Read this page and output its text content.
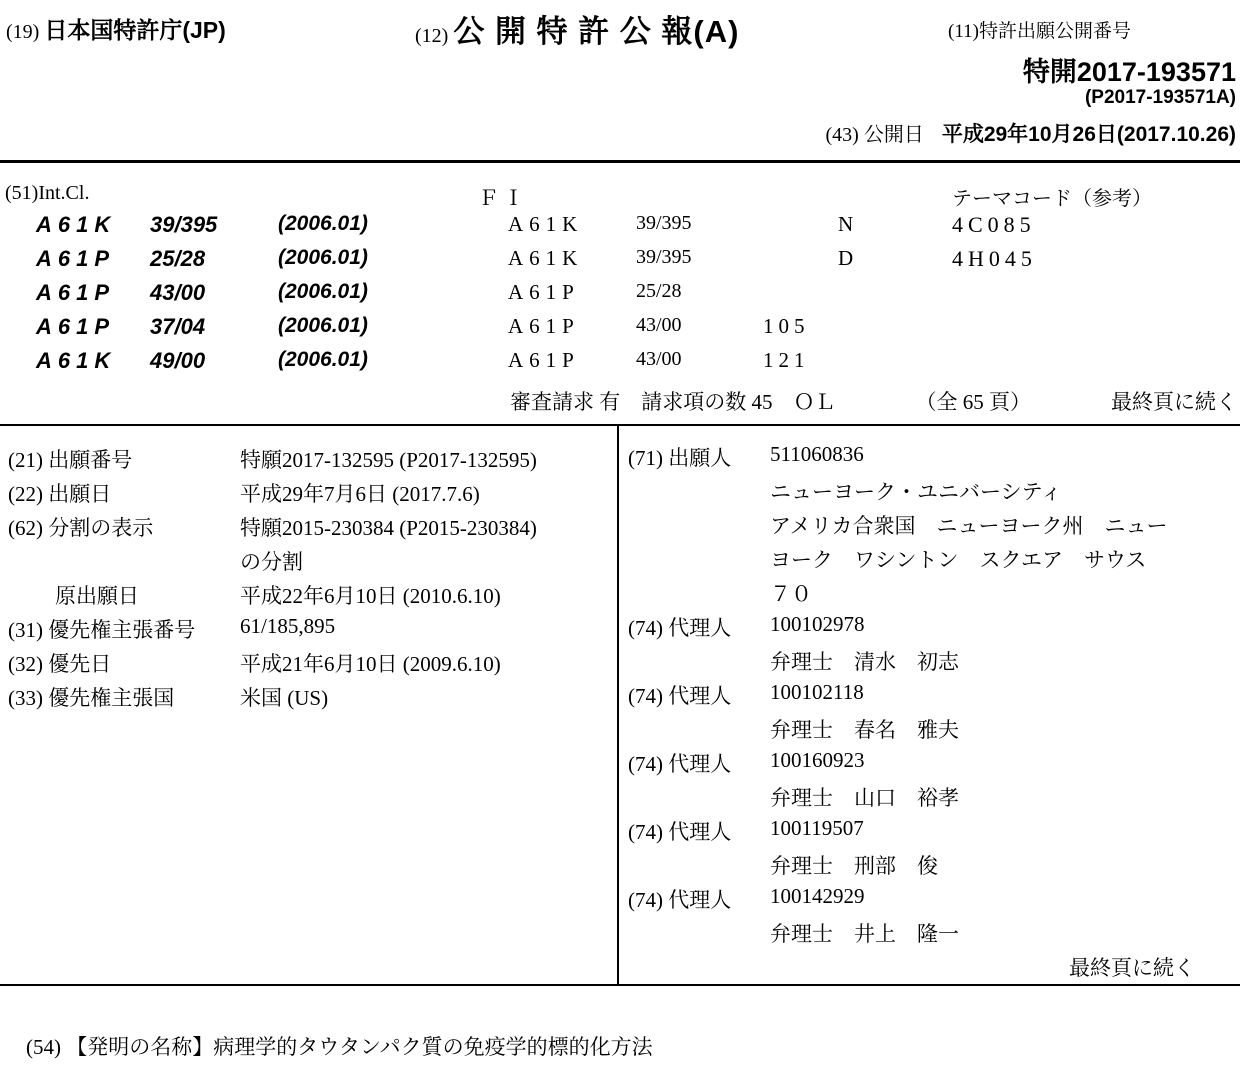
(19) 日本国特許庁(JP)	(12) 公 開 特 許 公 報(A)	(11)特許出願公開番号
特開2017-193571
(P2017-193571A)
(43) 公開日 平成29年10月26日(2017.10.26)
(51)Int.Cl.	ＦＩ	テーマコード（参考）
A61K 39/395	(2006.01)	A61K	39/395	N	4C085
A61P 25/28	(2006.01)	A61K	39/395	D	4H045
A61P 43/00	(2006.01)	A61P	25/28
A61P 37/04	(2006.01)	A61P	43/00	105
A61K 49/00	(2006.01)	A61P	43/00	121
審査請求 有　請求項の数 45　ＯＬ	（全 65 頁）	最終頁に続く
(21) 出願番号	特願2017-132595 (P2017-132595)
(22) 出願日	平成29年7月6日 (2017.7.6)
(62) 分割の表示	特願2015-230384 (P2015-230384)
の分割
原出願日	平成22年6月10日 (2010.6.10)
(31) 優先権主張番号 61/185,895
(32) 優先日	平成21年6月10日 (2009.6.10)
(33) 優先権主張国	米国 (US)
(71) 出願人 511060836
ニューヨーク・ユニバーシティ
アメリカ合衆国　ニューヨーク州　ニュー
ヨーク　ワシントン　スクエア　サウス
７０
(74) 代理人 100102978
弁理士　清水　初志
(74) 代理人 100102118
弁理士　春名　雅夫
(74) 代理人 100160923
弁理士　山口　裕孝
(74) 代理人 100119507
弁理士　刑部　俊
(74) 代理人 100142929
弁理士　井上　隆一
最終頁に続く

(54) 【発明の名称】病理学的タウタンパク質の免疫学的標的化方法
